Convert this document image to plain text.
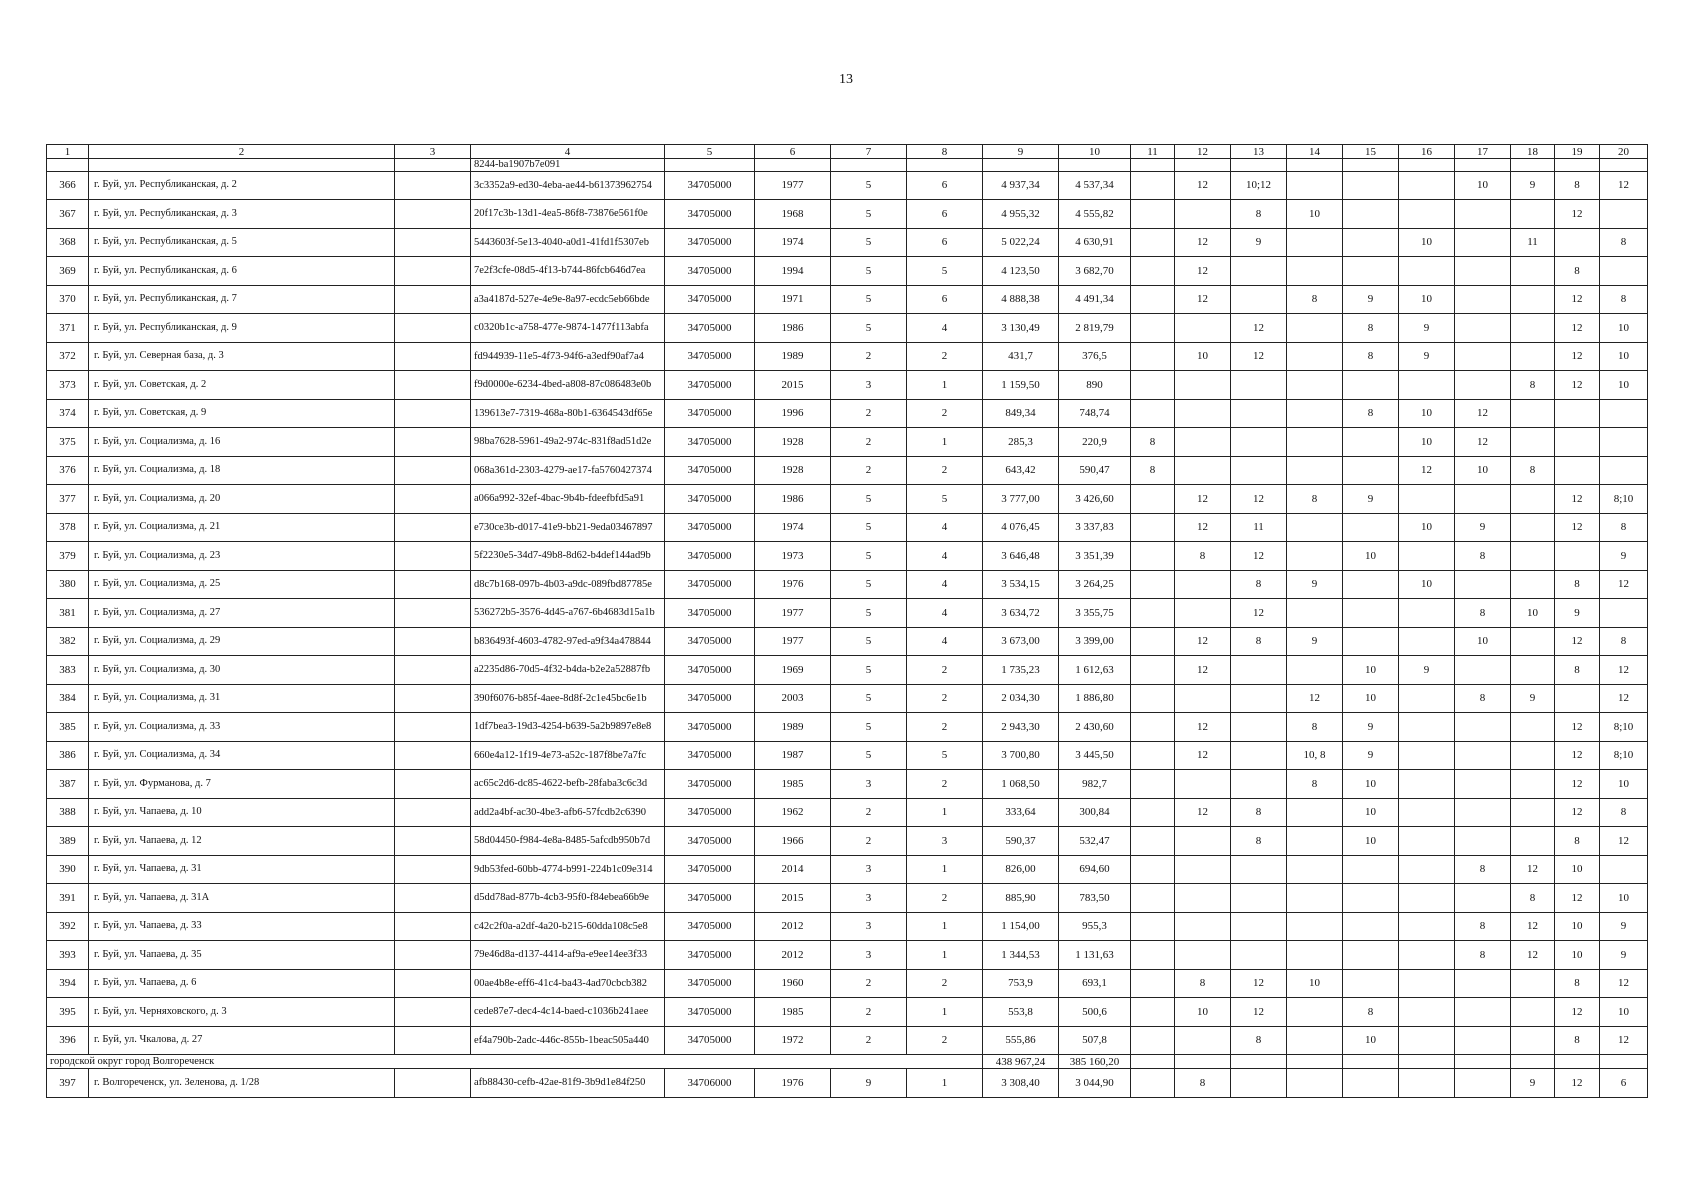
13
1	2	3	4	5	6	7	8	9	10	11	12	13	14	15	16	17	18	19	20
			8244-ba1907b7e091																
366	г. Буй, ул. Республиканская, д. 2		3c3352a9-ed30-4eba-ae44-b61373962754	34705000	1977	5	6	4 937,34	4 537,34		12	10;12				10	9	8	12
367	г. Буй, ул. Республиканская, д. 3		20f17c3b-13d1-4ea5-86f8-73876e561f0e	34705000	1968	5	6	4 955,32	4 555,82			8	10					12	
368	г. Буй, ул. Республиканская, д. 5		5443603f-5e13-4040-a0d1-41fd1f5307eb	34705000	1974	5	6	5 022,24	4 630,91		12	9			10		11		8
369	г. Буй, ул. Республиканская, д. 6		7e2f3cfe-08d5-4f13-b744-86fcb646d7ea	34705000	1994	5	5	4 123,50	3 682,70		12							8	
370	г. Буй, ул. Республиканская, д. 7		a3a4187d-527e-4e9e-8a97-ecdc5eb66bde	34705000	1971	5	6	4 888,38	4 491,34		12		8	9	10			12	8
371	г. Буй, ул. Республиканская, д. 9		c0320b1c-a758-477e-9874-1477f113abfa	34705000	1986	5	4	3 130,49	2 819,79			12		8	9			12	10
372	г. Буй, ул. Северная база, д. 3		fd944939-11e5-4f73-94f6-a3edf90af7a4	34705000	1989	2	2	431,7	376,5		10	12		8	9			12	10
373	г. Буй, ул. Советская, д. 2		f9d0000e-6234-4bed-a808-87c086483e0b	34705000	2015	3	1	1 159,50	890								8	12	10
374	г. Буй, ул. Советская, д. 9		139613e7-7319-468a-80b1-6364543df65e	34705000	1996	2	2	849,34	748,74					8	10	12			
375	г. Буй, ул. Социализма, д. 16		98ba7628-5961-49a2-974c-831f8ad51d2e	34705000	1928	2	1	285,3	220,9	8					10	12			
376	г. Буй, ул. Социализма, д. 18		068a361d-2303-4279-ae17-fa5760427374	34705000	1928	2	2	643,42	590,47	8					12	10	8		
377	г. Буй, ул. Социализма, д. 20		a066a992-32ef-4bac-9b4b-fdeefbfd5a91	34705000	1986	5	5	3 777,00	3 426,60		12	12	8	9				12	8;10
378	г. Буй, ул. Социализма, д. 21		e730ce3b-d017-41e9-bb21-9eda03467897	34705000	1974	5	4	4 076,45	3 337,83		12	11			10	9		12	8
379	г. Буй, ул. Социализма, д. 23		5f2230e5-34d7-49b8-8d62-b4def144ad9b	34705000	1973	5	4	3 646,48	3 351,39		8	12		10		8			9
380	г. Буй, ул. Социализма, д. 25		d8c7b168-097b-4b03-a9dc-089fbd87785e	34705000	1976	5	4	3 534,15	3 264,25			8	9		10			8	12
381	г. Буй, ул. Социализма, д. 27		536272b5-3576-4d45-a767-6b4683d15a1b	34705000	1977	5	4	3 634,72	3 355,75			12				8	10	9	
382	г. Буй, ул. Социализма, д. 29		b836493f-4603-4782-97ed-a9f34a478844	34705000	1977	5	4	3 673,00	3 399,00		12	8	9			10		12	8
383	г. Буй, ул. Социализма, д. 30		a2235d86-70d5-4f32-b4da-b2e2a52887fb	34705000	1969	5	2	1 735,23	1 612,63		12			10	9			8	12
384	г. Буй, ул. Социализма, д. 31		390f6076-b85f-4aee-8d8f-2c1e45bc6e1b	34705000	2003	5	2	2 034,30	1 886,80				12	10		8	9		12
385	г. Буй, ул. Социализма, д. 33		1df7bea3-19d3-4254-b639-5a2b9897e8e8	34705000	1989	5	2	2 943,30	2 430,60		12		8	9				12	8;10
386	г. Буй, ул. Социализма, д. 34		660e4a12-1f19-4e73-a52c-187f8be7a7fc	34705000	1987	5	5	3 700,80	3 445,50		12		10, 8	9				12	8;10
387	г. Буй, ул. Фурманова, д. 7		ac65c2d6-dc85-4622-befb-28faba3c6c3d	34705000	1985	3	2	1 068,50	982,7				8	10				12	10
388	г. Буй, ул. Чапаева, д. 10		add2a4bf-ac30-4be3-afb6-57fcdb2c6390	34705000	1962	2	1	333,64	300,84		12	8		10				12	8
389	г. Буй, ул. Чапаева, д. 12		58d04450-f984-4e8a-8485-5afcdb950b7d	34705000	1966	2	3	590,37	532,47			8		10				8	12
390	г. Буй, ул. Чапаева, д. 31		9db53fed-60bb-4774-b991-224b1c09e314	34705000	2014	3	1	826,00	694,60							8	12	10	
391	г. Буй, ул. Чапаева, д. 31А		d5dd78ad-877b-4cb3-95f0-f84ebea66b9e	34705000	2015	3	2	885,90	783,50								8	12	10
392	г. Буй, ул. Чапаева, д. 33		c42c2f0a-a2df-4a20-b215-60dda108c5e8	34705000	2012	3	1	1 154,00	955,3							8	12	10	9
393	г. Буй, ул. Чапаева, д. 35		79e46d8a-d137-4414-af9a-e9ee14ee3f33	34705000	2012	3	1	1 344,53	1 131,63							8	12	10	9
394	г. Буй, ул. Чапаева, д. 6		00ae4b8e-eff6-41c4-ba43-4ad70cbcb382	34705000	1960	2	2	753,9	693,1		8	12	10					8	12
395	г. Буй, ул. Черняховского, д. 3		cede87e7-dec4-4c14-baed-c1036b241aee	34705000	1985	2	1	553,8	500,6		10	12		8				12	10
396	г. Буй, ул. Чкалова, д. 27		ef4a790b-2adc-446c-855b-1beac505a440	34705000	1972	2	2	555,86	507,8			8		10				8	12
городской округ город Волгореченск								438 967,24	385 160,20										
397	г. Волгореченск, ул. Зеленова, д. 1/28		afb88430-cefb-42ae-81f9-3b9d1e84f250	34706000	1976	9	1	3 308,40	3 044,90		8						9	12	6
